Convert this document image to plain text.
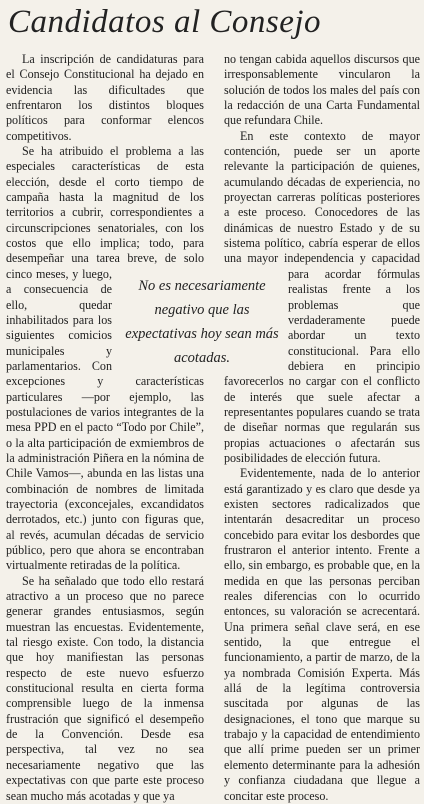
Candidatos al Consejo

La inscripción de candidaturas para el Consejo Constitucional ha dejado en evidencia las dificultades que enfrentaron los distintos bloques políticos para conformar elencos competitivos.

Se ha atribuido el problema a las especiales características de esta elección, desde el corto tiempo de campaña hasta la magnitud de los territorios a cubrir, correspondientes a circunscripciones senatoriales, con los costos que ello implica; todo, para desempeñar una tarea breve, de solo cinco meses, y luego, a consecuencia de ello, quedar inhabilitados para los siguientes comicios municipales y parlamentarios. Con excepciones y características particulares —por ejemplo, las postulaciones de varios integrantes de la mesa PPD en el pacto “Todo por Chile”, o la alta participación de exmiembros de la administración Piñera en la nómina de Chile Vamos—, abunda en las listas una combinación de nombres de limitada trayectoria (exconcejales, excandidatos derrotados, etc.) junto con figuras que, al revés, acumulan décadas de servicio público, pero que ahora se encontraban virtualmente retiradas de la política.

Se ha señalado que todo ello restará atractivo a un proceso que no parece generar grandes entusiasmos, según muestran las encuestas. Evidentemente, tal riesgo existe. Con todo, la distancia que hoy manifiestan las personas respecto de este nuevo esfuerzo constitucional resulta en cierta forma comprensible luego de la inmensa frustración que significó el desempeño de la Convención. Desde esa perspectiva, tal vez no sea necesariamente negativo que las expectativas con que parte este proceso sean mucho más acotadas y que ya

no tengan cabida aquellos discursos que irresponsablemente vincularon la solución de todos los males del país con la redacción de una Carta Fundamental que refundara Chile.

En este contexto de mayor contención, puede ser un aporte relevante la participación de quienes, acumulando décadas de experiencia, no proyectan carreras políticas posteriores a este proceso. Conocedores de las dinámicas de nuestro Estado y de su sistema político, cabría esperar de ellos una mayor independencia y capacidad para acordar fórmulas realistas frente a los problemas que verdaderamente puede abordar un texto constitucional. Para ello debiera en principio favorecerlos no cargar con el conflicto de interés que suele afectar a representantes populares cuando se trata de diseñar normas que regularán sus propias actuaciones o afectarán sus posibilidades de elección futura.

Evidentemente, nada de lo anterior está garantizado y es claro que desde ya existen sectores radicalizados que intentarán desacreditar un proceso concebido para evitar los desbordes que frustraron el anterior intento. Frente a ello, sin embargo, es probable que, en la medida en que las personas perciban reales diferencias con lo ocurrido entonces, su valoración se acrecentará. Una primera señal clave será, en ese sentido, la que entregue el funcionamiento, a partir de marzo, de la ya nombrada Comisión Experta. Más allá de la legítima controversia suscitada por algunas de las designaciones, el tono que marque su trabajo y la capacidad de entendimiento que allí prime pueden ser un primer elemento determinante para la adhesión y confianza ciudadana que llegue a concitar este proceso.

No es necesariamente negativo que las expectativas hoy sean más acotadas.
